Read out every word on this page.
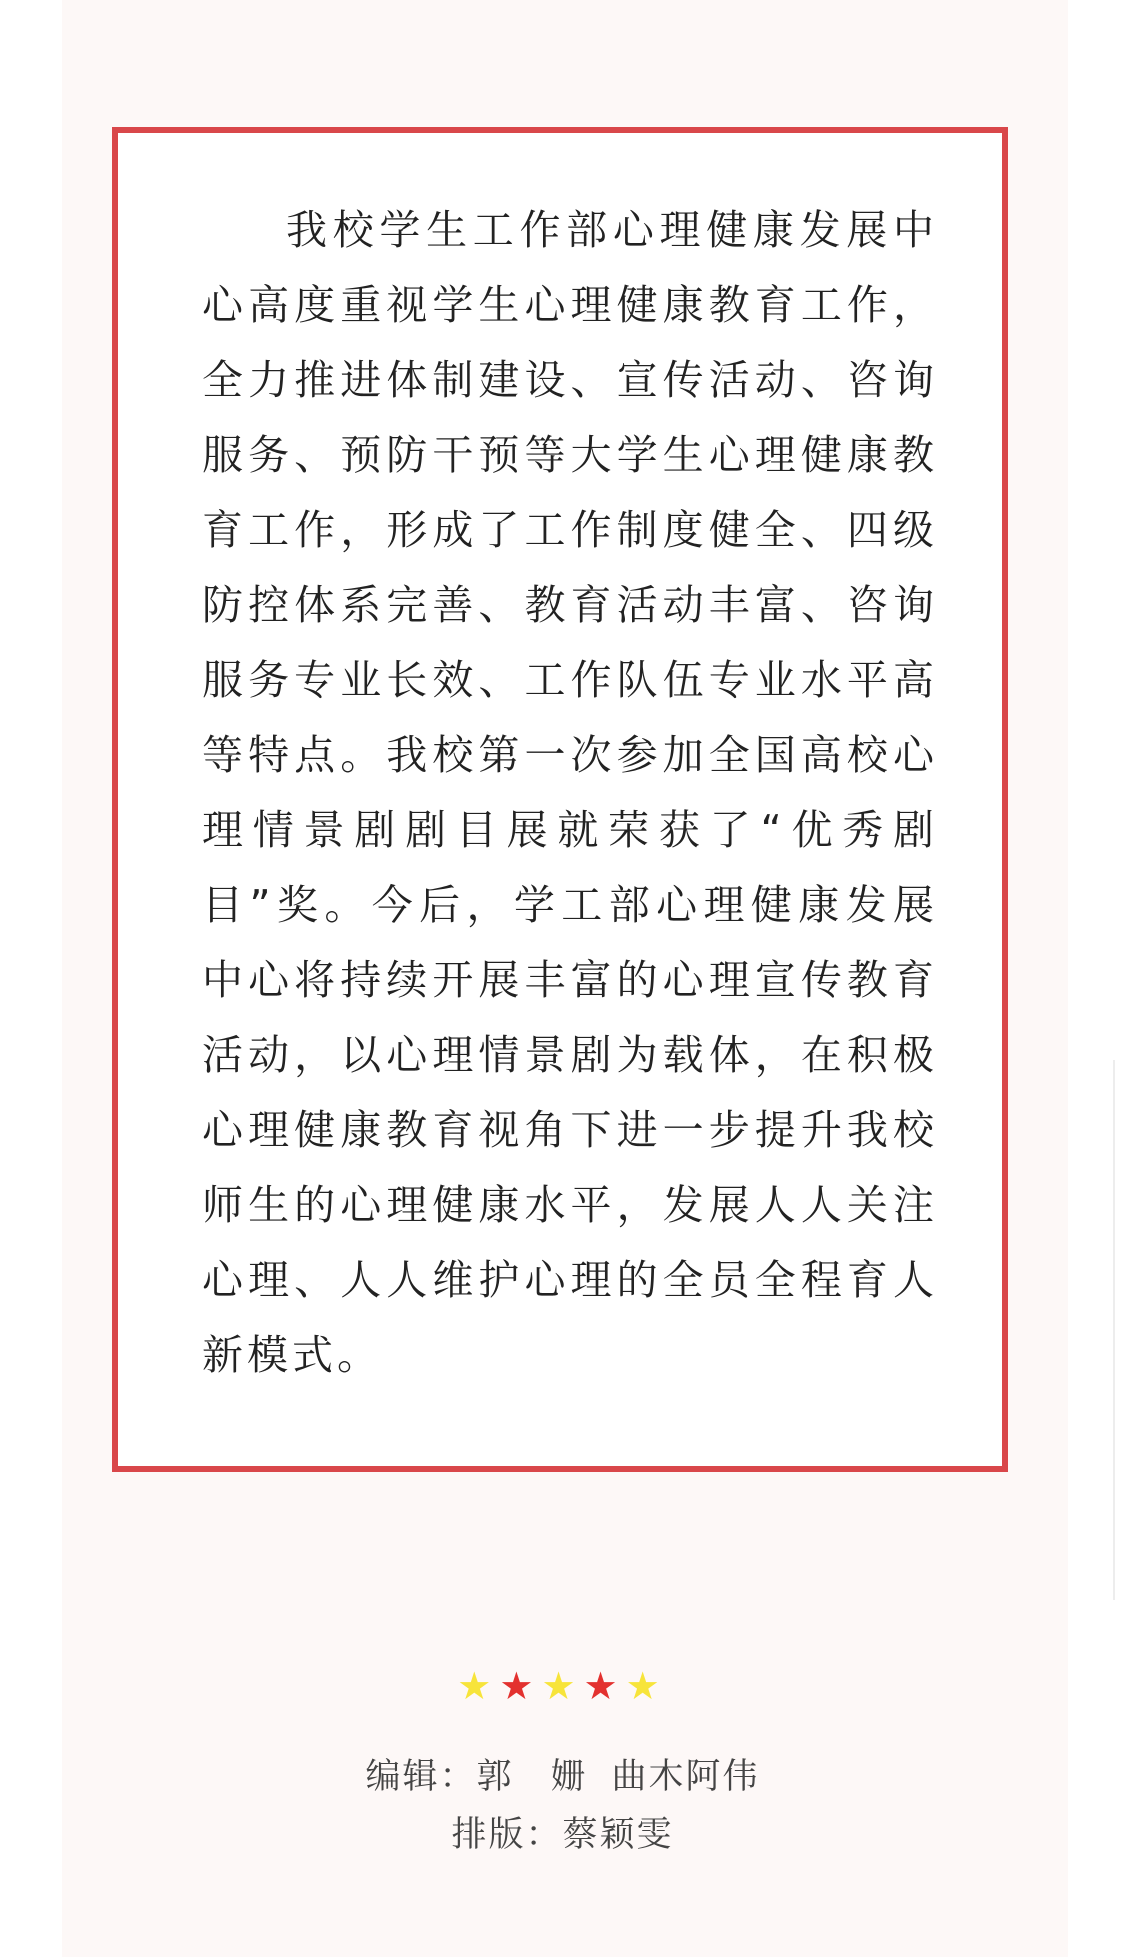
我校学生工作部心理健康发展中心高度重视学生心理健康教育工作，全力推进体制建设、宣传活动、咨询服务、预防干预等大学生心理健康教育工作，形成了工作制度健全、四级防控体系完善、教育活动丰富、咨询服务专业长效、工作队伍专业水平高等特点。我校第一次参加全国高校心理情景剧剧目展就荣获了“优秀剧目”奖。今后，学工部心理健康发展中心将持续开展丰富的心理宣传教育活动，以心理情景剧为载体，在积极心理健康教育视角下进一步提升我校师生的心理健康水平，发展人人关注心理、人人维护心理的全员全程育人新模式。

★★★★★
编辑：郭　姗 曲木阿伟
排版：蔡颖雯
